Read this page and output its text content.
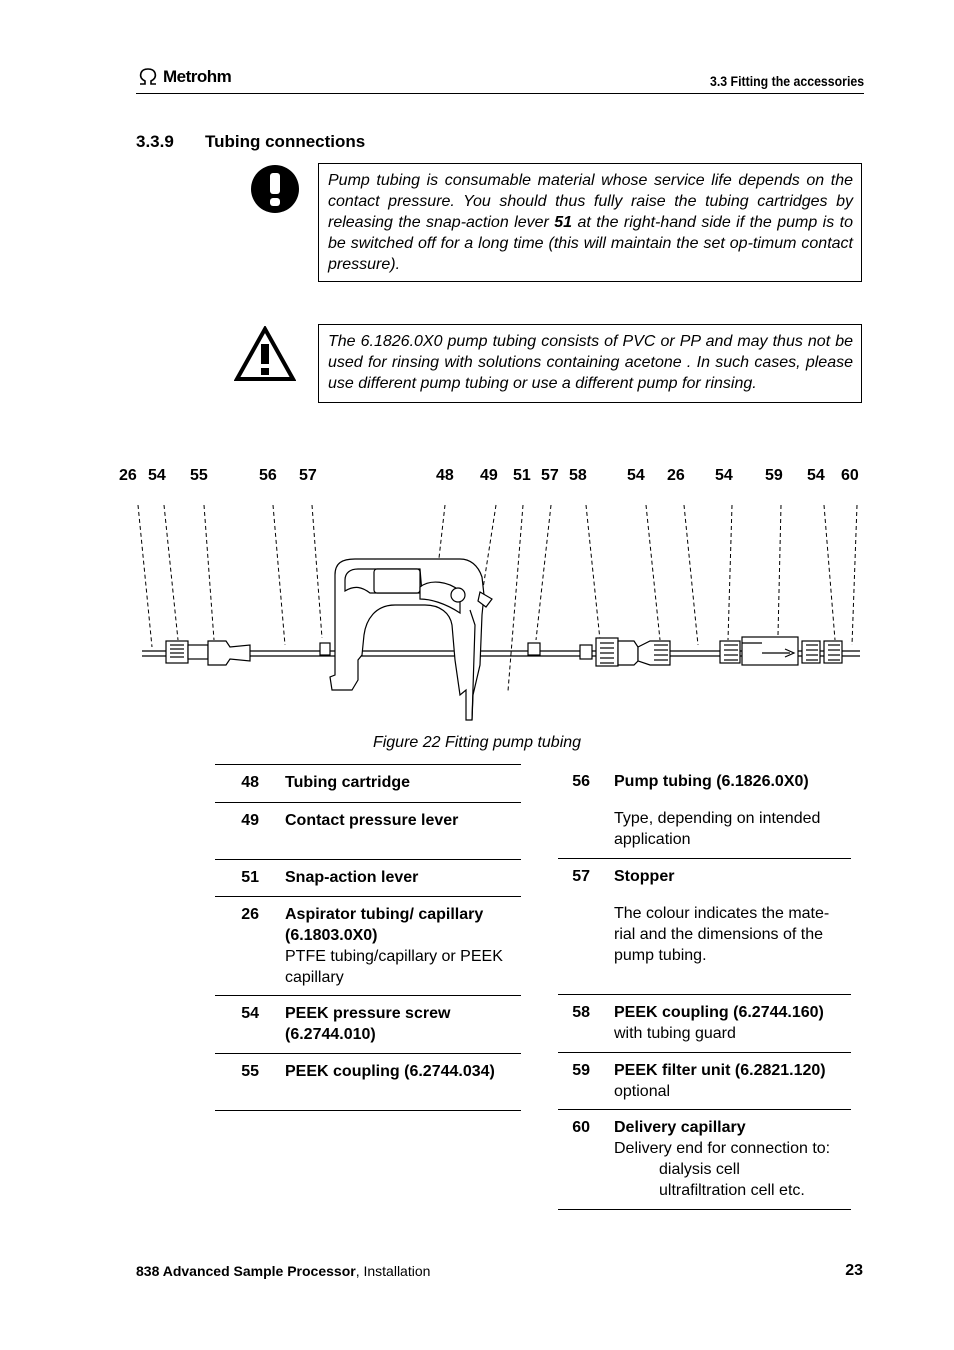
Metrohm	3.3 Fitting the accessories
3.3.9 Tubing connections
Pump tubing is consumable material whose service life depends on the contact pressure. You should thus fully raise the tubing cartridges by releasing the snap-action lever 51 at the right-hand side if the pump is to be switched off for a long time (this will maintain the set op-timum contact pressure).
The 6.1826.0X0 pump tubing consists of PVC or PP and may thus not be used for rinsing with solutions containing acetone . In such cases, please use different pump tubing or use a different pump for rinsing.
26 54 55	56 57	48 49 51 57 58	54 26 54 59 54 60
Figure 22 Fitting pump tubing
48 Tubing cartridge
49 Contact pressure lever
51 Snap-action lever
26 Aspirator tubing/ capillary (6.1803.0X0)
PTFE tubing/capillary or PEEK capillary
54 PEEK pressure screw (6.2744.010)
55 PEEK coupling (6.2744.034)
56 Pump tubing (6.1826.0X0)

Type, depending on intended application
57 Stopper

The colour indicates the mate-rial and the dimensions of the pump tubing.
58 PEEK coupling (6.2744.160)
with tubing guard
59 PEEK filter unit (6.2821.120)
optional
60 Delivery capillary
Delivery end for connection to:
dialysis cell
ultrafiltration cell etc.
838 Advanced Sample Processor, Installation	23
